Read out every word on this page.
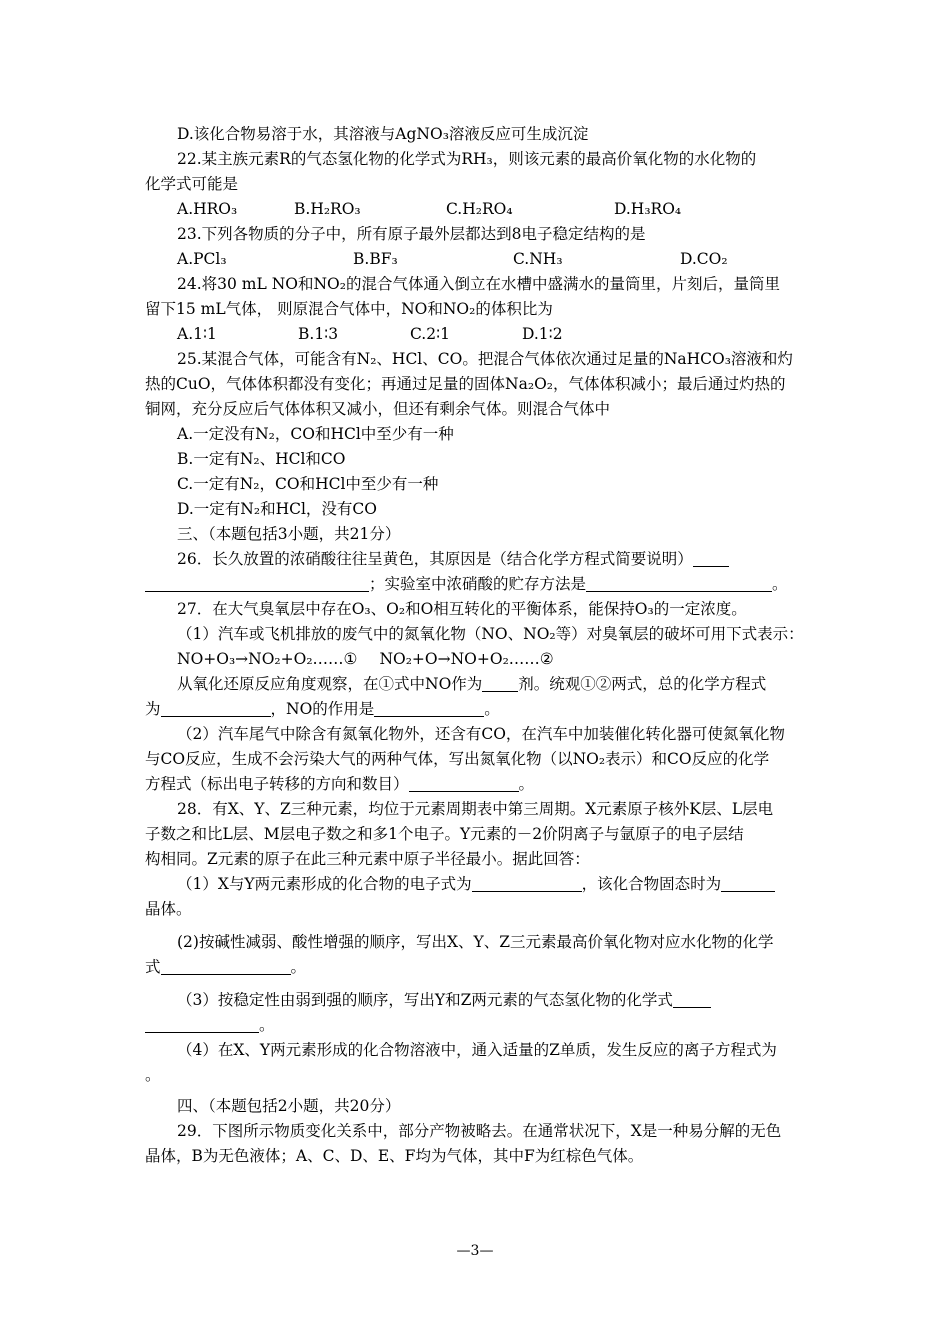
D.该化合物易溶于水，其溶液与AgNO₃溶液反应可生成沉淀
22.某主族元素R的气态氢化物的化学式为RH₃，则该元素的最高价氧化物的水化物的
化学式可能是
A.HRO₃	B.H₂RO₃	C.H₂RO₄	D.H₃RO₄
23.下列各物质的分子中，所有原子最外层都达到8电子稳定结构的是
A.PCl₃	B.BF₃	C.NH₃	D.CO₂
24.将30 mL NO和NO₂的混合气体通入倒立在水槽中盛满水的量筒里，片刻后，量筒里
留下15 mL气体， 则原混合气体中，NO和NO₂的体积比为
A.1∶1	B.1∶3	C.2∶1	D.1∶2
25.某混合气体，可能含有N₂、HCl、CO。把混合气体依次通过足量的NaHCO₃溶液和灼
热的CuO，气体体积都没有变化；再通过足量的固体Na₂O₂，气体体积减小；最后通过灼热的
铜网，充分反应后气体体积又减小，但还有剩余气体。则混合气体中
A.一定没有N₂，CO和HCl中至少有一种
B.一定有N₂、HCl和CO
C.一定有N₂，CO和HCl中至少有一种
D.一定有N₂和HCl，没有CO
三、（本题包括3小题，共21分）
26．长久放置的浓硝酸往往呈黄色，其原因是（结合化学方程式简要说明）
；实验室中浓硝酸的贮存方法是	。
27．在大气臭氧层中存在O₃、O₂和O相互转化的平衡体系，能保持O₃的一定浓度。
（1）汽车或飞机排放的废气中的氮氧化物（NO、NO₂等）对臭氧层的破坏可用下式表示：
NO+O₃→NO₂+O₂……① NO₂+O→NO+O₂……②
从氧化还原反应角度观察，在①式中NO作为 剂。统观①②两式，总的化学方程式
为	，NO的作用是	。
（2）汽车尾气中除含有氮氧化物外，还含有CO，在汽车中加装催化转化器可使氮氧化物
与CO反应，生成不会污染大气的两种气体，写出氮氧化物（以NO₂表示）和CO反应的化学
方程式（标出电子转移的方向和数目）	。
28．有X、Y、Z三种元素，均位于元素周期表中第三周期。X元素原子核外K层、L层电
子数之和比L层、M层电子数之和多1个电子。Y元素的－2价阴离子与氩原子的电子层结
构相同。Z元素的原子在此三种元素中原子半径最小。据此回答：
（1）X与Y两元素形成的化合物的电子式为	，该化合物固态时为
晶体。
(2)按碱性减弱、酸性增强的顺序，写出X、Y、Z三元素最高价氧化物对应水化物的化学
式	。
（3）按稳定性由弱到强的顺序，写出Y和Z两元素的气态氢化物的化学式
。
（4）在X、Y两元素形成的化合物溶液中，通入适量的Z单质，发生反应的离子方程式为
。
四、（本题包括2小题，共20分）
29．下图所示物质变化关系中，部分产物被略去。在通常状况下，X是一种易分解的无色
晶体，B为无色液体；A、C、D、E、F均为气体，其中F为红棕色气体。
—3—
